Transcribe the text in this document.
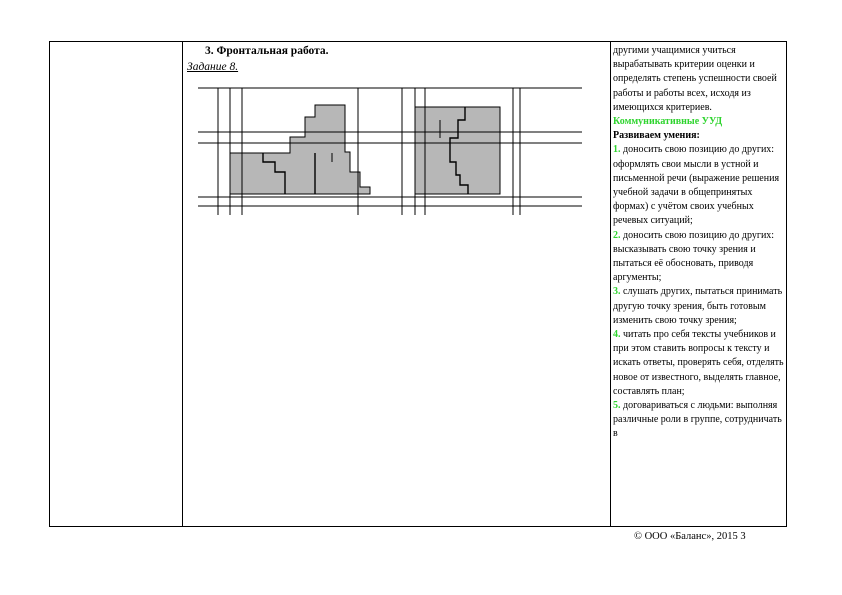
3. Фронтальная работа.
Задание 8.

другими учащимися учиться вырабатывать критерии оценки и определять степень успешности своей работы и работы всех, исходя из имеющихся критериев.

Коммуникативные УУД

Развиваем умения:

1. доносить свою позицию до других: оформлять свои мысли в устной и письменной речи (выражение решения учебной задачи в общепринятых формах) с учётом своих учебных речевых ситуаций;

2. доносить свою позицию до других: высказывать свою точку зрения и пытаться её обосновать, приводя аргументы;

3. слушать других, пытаться принимать другую точку зрения, быть готовым изменить свою точку зрения;

4. читать про себя тексты учебников и при этом ставить вопросы к тексту и искать ответы, проверять себя, отделять новое от известного, выделять главное, составлять план;

5. договариваться с людьми: выполняя различные роли в группе, сотрудничать в

© ООО «Баланс», 2015 3
